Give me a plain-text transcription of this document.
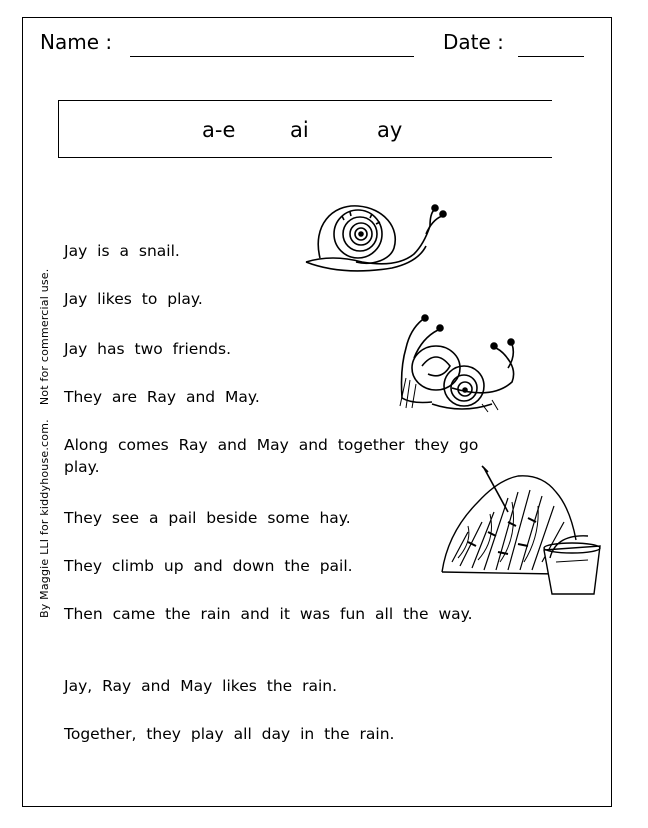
Name :	Date :
a-e	ai	ay
By Maggie LLI for kiddyhouse.com.Not for commercial use.
Jay is a snail.
Jay likes to play.
Jay has two friends.
They are Ray and May.
Along comes Ray and May and together they go play.
They see a pail beside some hay.
They climb up and down the pail.
Then came the rain and it was fun all the way.
Jay, Ray and May likes the rain.
Together, they play all day in the rain.
